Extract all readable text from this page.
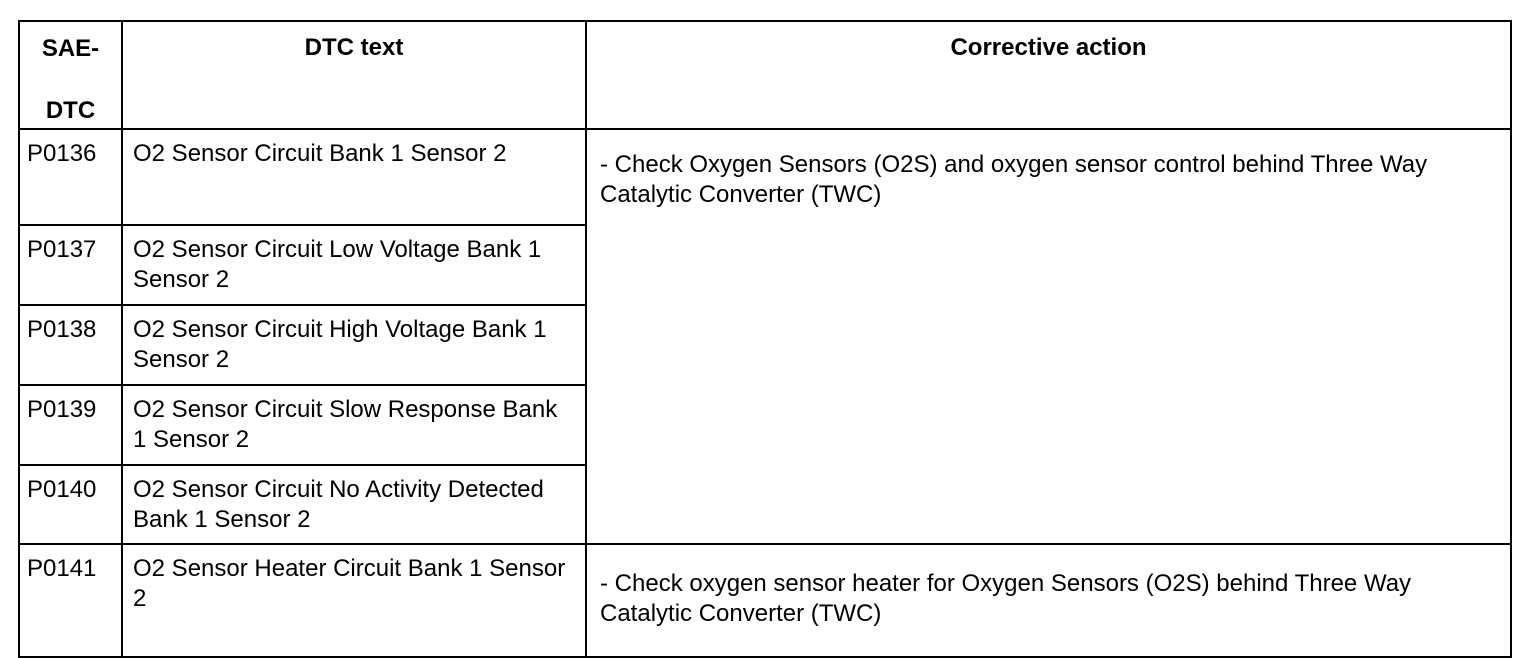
SAE-
DTC	DTC text	Corrective action

P0136	O2 Sensor Circuit Bank 1 Sensor 2	- Check Oxygen Sensors (O2S) and oxygen sensor control behind Three Way Catalytic Converter (TWC)
P0137	O2 Sensor Circuit Low Voltage Bank 1 Sensor 2	
P0138	O2 Sensor Circuit High Voltage Bank 1 Sensor 2	
P0139	O2 Sensor Circuit Slow Response Bank 1 Sensor 2	
P0140	O2 Sensor Circuit No Activity Detected Bank 1 Sensor 2	
P0141	O2 Sensor Heater Circuit Bank 1 Sensor 2	- Check oxygen sensor heater for Oxygen Sensors (O2S) behind Three Way Catalytic Converter (TWC)
